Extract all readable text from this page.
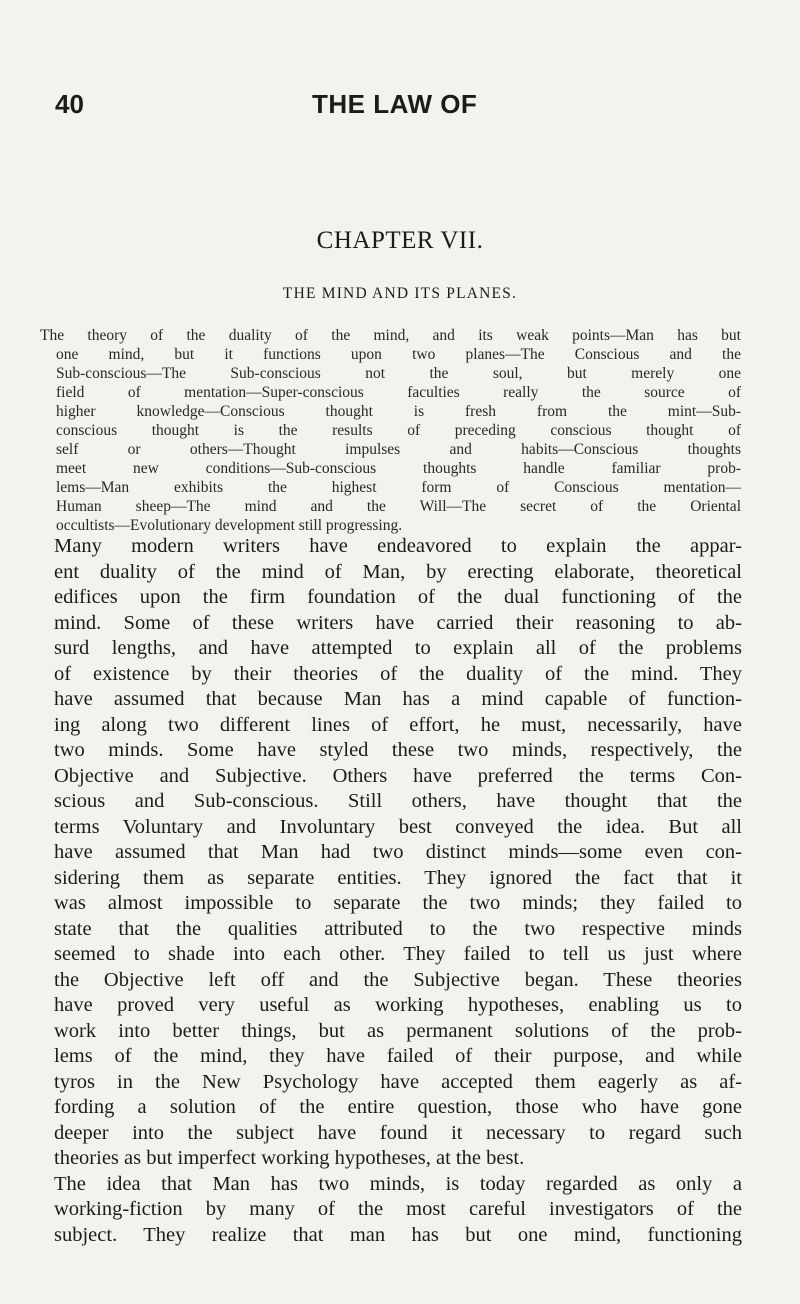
40	THE LAW OF
CHAPTER VII.
THE MIND AND ITS PLANES.
The theory of the duality of the mind, and its weak points—Man has but
one mind, but it functions upon two planes—The Conscious and the
Sub-conscious—The Sub-conscious not the soul, but merely one
field of mentation—Super-conscious faculties really the source of
higher knowledge—Conscious thought is fresh from the mint—Sub-
conscious thought is the results of preceding conscious thought of
self or others—Thought impulses and habits—Conscious thoughts
meet new conditions—Sub-conscious thoughts handle familiar prob-
lems—Man exhibits the highest form of Conscious mentation—
Human sheep—The mind and the Will—The secret of the Oriental
occultists—Evolutionary development still progressing.
Many modern writers have endeavored to explain the appar-
ent duality of the mind of Man, by erecting elaborate, theoretical
edifices upon the firm foundation of the dual functioning of the
mind. Some of these writers have carried their reasoning to ab-
surd lengths, and have attempted to explain all of the problems
of existence by their theories of the duality of the mind. They
have assumed that because Man has a mind capable of function-
ing along two different lines of effort, he must, necessarily, have
two minds. Some have styled these two minds, respectively, the
Objective and Subjective. Others have preferred the terms Con-
scious and Sub-conscious. Still others, have thought that the
terms Voluntary and Involuntary best conveyed the idea. But all
have assumed that Man had two distinct minds—some even con-
sidering them as separate entities. They ignored the fact that it
was almost impossible to separate the two minds; they failed to
state that the qualities attributed to the two respective minds
seemed to shade into each other. They failed to tell us just where
the Objective left off and the Subjective began. These theories
have proved very useful as working hypotheses, enabling us to
work into better things, but as permanent solutions of the prob-
lems of the mind, they have failed of their purpose, and while
tyros in the New Psychology have accepted them eagerly as af-
fording a solution of the entire question, those who have gone
deeper into the subject have found it necessary to regard such
theories as but imperfect working hypotheses, at the best.
The idea that Man has two minds, is today regarded as only a
working-fiction by many of the most careful investigators of the
subject. They realize that man has but one mind, functioning
